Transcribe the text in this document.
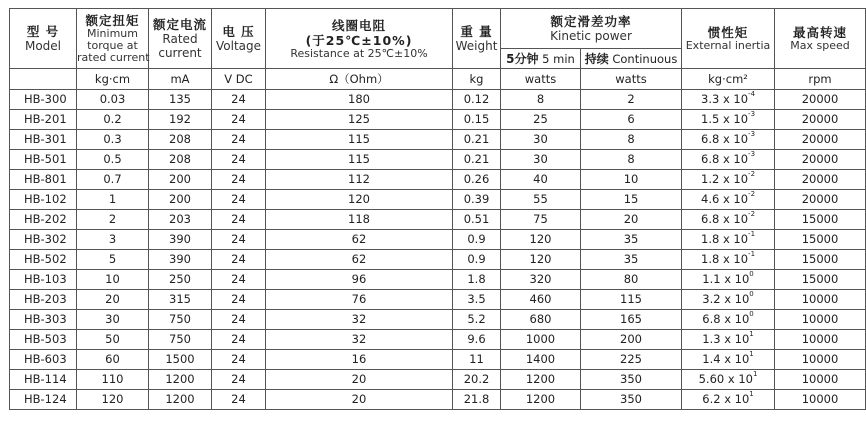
型 号
Model	额定扭矩
Minimum
torque at
rated current	额定电流
Rated
current	电 压
Voltage	线圈电阻
(于25℃±10%)
Resistance at 25℃±10%	重 量
Weight	额定滑差功率
Kinetic power		惯性矩
External inertia	最高转速
Max speed

						5分钟 5 min	持续 Continuous		
	kg·cm	mA	V DC	Ω（Ohm）	kg	watts	watts	kg·cm²	rpm
HB-300	0.03	135	24	180	0.12	8	2	3.3 x $10^{-4}$	20000
HB-201	0.2	192	24	125	0.15	25	6	1.5 x $10^{-3}$	20000
HB-301	0.3	208	24	115	0.21	30	8	6.8 x $10^{-3}$	20000
HB-501	0.5	208	24	115	0.21	30	8	6.8 x $10^{-3}$	20000
HB-801	0.7	200	24	112	0.26	40	10	1.2 x $10^{-2}$	20000
HB-102	1	200	24	120	0.39	55	15	4.6 x $10^{-2}$	20000
HB-202	2	203	24	118	0.51	75	20	6.8 x $10^{-2}$	15000
HB-302	3	390	24	62	0.9	120	35	1.8 x $10^{-1}$	15000
HB-502	5	390	24	62	0.9	120	35	1.8 x $10^{-1}$	15000
HB-103	10	250	24	96	1.8	320	80	1.1 x $10^0$	15000
HB-203	20	315	24	76	3.5	460	115	3.2 x $10^0$	10000
HB-303	30	750	24	32	5.2	680	165	6.8 x $10^0$	10000
HB-503	50	750	24	32	9.6	1000	200	1.3 x $10^1$	10000
HB-603	60	1500	24	16	11	1400	225	1.4 x $10^1$	10000
HB-114	110	1200	24	20	20.2	1200	350	5.60 x $10^1$	10000
HB-124	120	1200	24	20	21.8	1200	350	6.2 x $10^1$	10000
